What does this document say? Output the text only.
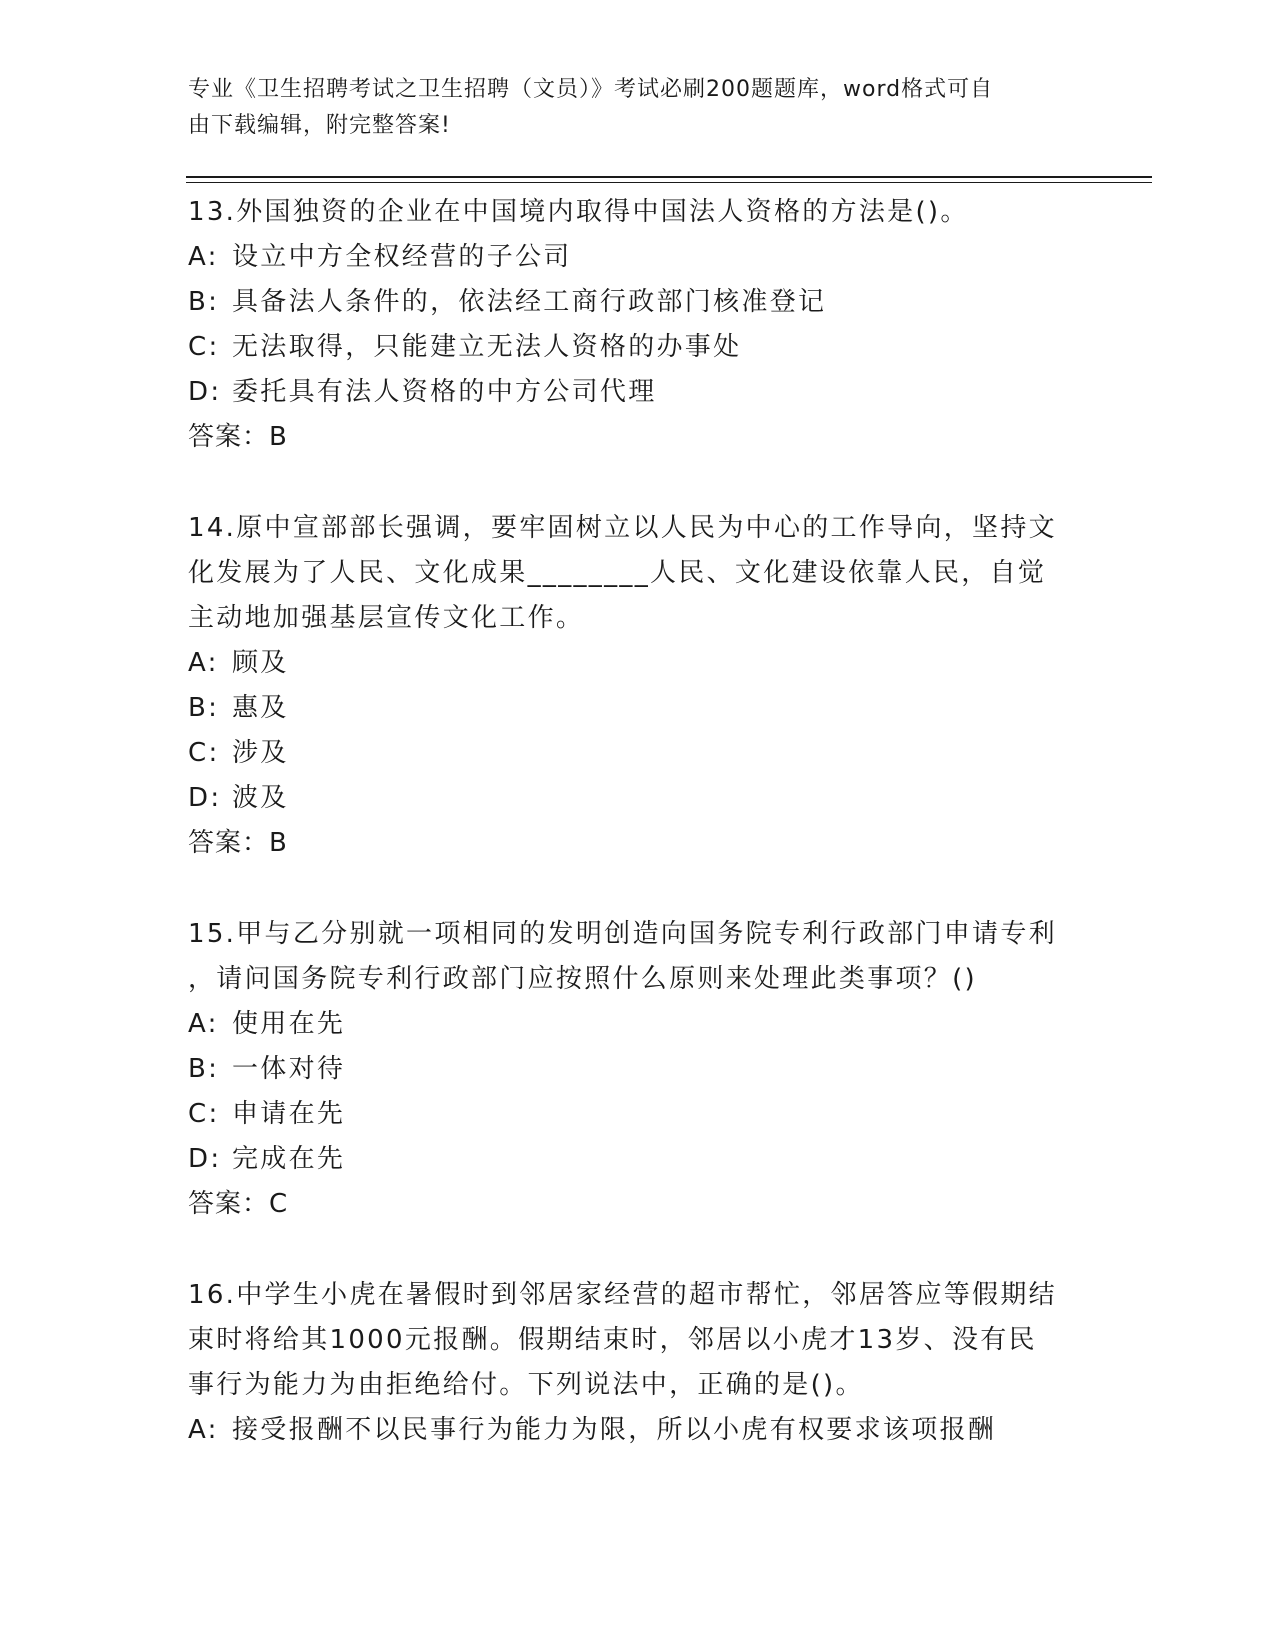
专业《卫生招聘考试之卫生招聘（文员）》考试必刷200题题库，word格式可自
由下载编辑，附完整答案!
13.外国独资的企业在中国境内取得中国法人资格的方法是()。
A: 设立中方全权经营的子公司
B: 具备法人条件的，依法经工商行政部门核准登记
C: 无法取得，只能建立无法人资格的办事处
D: 委托具有法人资格的中方公司代理
答案：B
14.原中宣部部长强调，要牢固树立以人民为中心的工作导向，坚持文
化发展为了人民、文化成果________人民、文化建设依靠人民，自觉
主动地加强基层宣传文化工作。
A: 顾及
B: 惠及
C: 涉及
D: 波及
答案：B
15.甲与乙分别就一项相同的发明创造向国务院专利行政部门申请专利
，请问国务院专利行政部门应按照什么原则来处理此类事项？()
A: 使用在先
B: 一体对待
C: 申请在先
D: 完成在先
答案：C
16.中学生小虎在暑假时到邻居家经营的超市帮忙，邻居答应等假期结
束时将给其1000元报酬。假期结束时，邻居以小虎才13岁、没有民
事行为能力为由拒绝给付。下列说法中，正确的是()。
A: 接受报酬不以民事行为能力为限，所以小虎有权要求该项报酬
